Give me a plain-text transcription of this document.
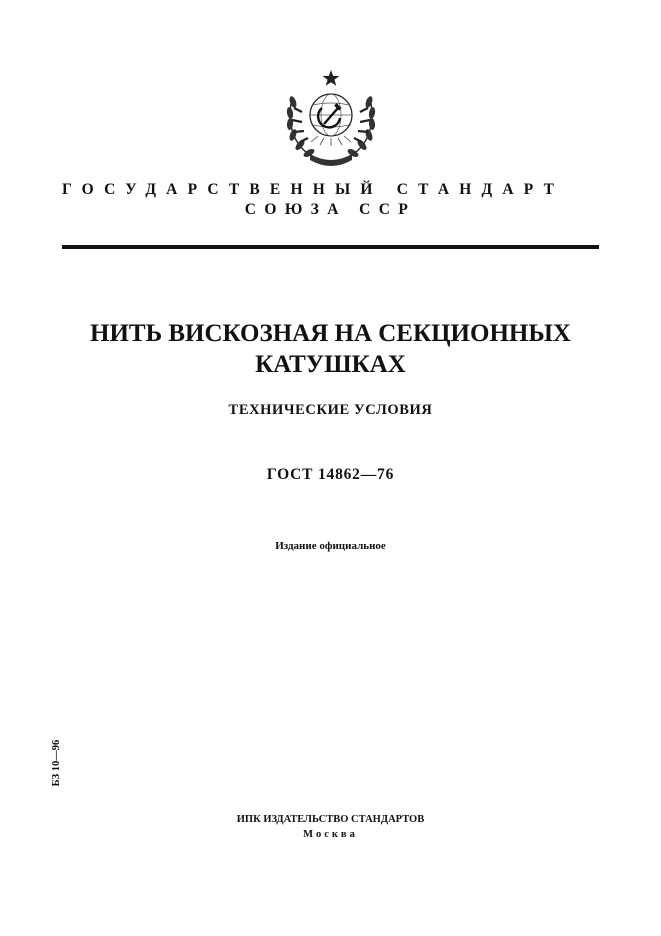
ГОСУДАРСТВЕННЫЙ СТАНДАРТ
СОЮЗА ССР
НИТЬ ВИСКОЗНАЯ НА СЕКЦИОННЫХ
КАТУШКАХ
ТЕХНИЧЕСКИЕ УСЛОВИЯ
ГОСТ 14862—76
Издание официальное
БЗ 10—96
ИПК ИЗДАТЕЛЬСТВО СТАНДАРТОВ
Москва
